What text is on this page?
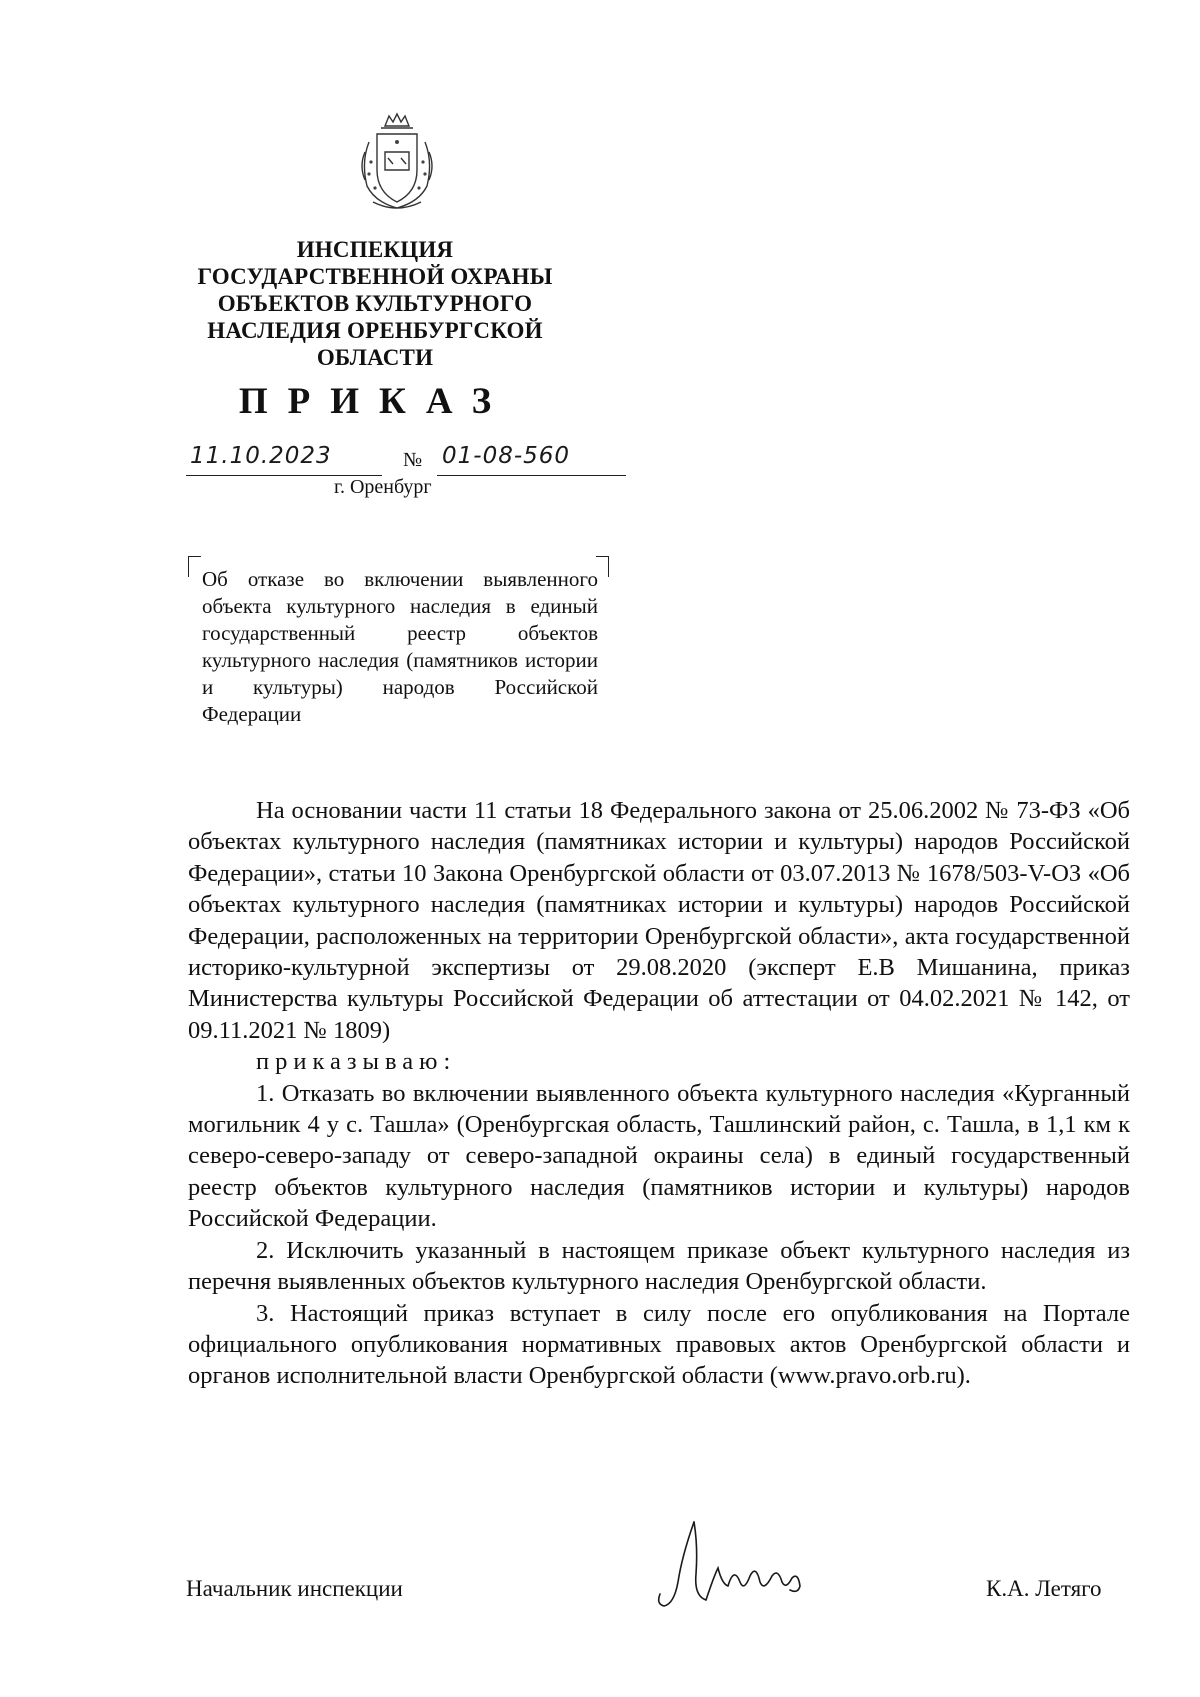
ИНСПЕКЦИЯ
ГОСУДАРСТВЕННОЙ ОХРАНЫ
ОБЪЕКТОВ КУЛЬТУРНОГО
НАСЛЕДИЯ ОРЕНБУРГСКОЙ
ОБЛАСТИ
ПРИКАЗ
11.10.2023	№ 01-08-560
г. Оренбург
Об отказе во включении выявленного объекта культурного наследия в единый государственный реестр объектов культурного наследия (памятников истории и культуры) народов Российской Федерации

На основании части 11 статьи 18 Федерального закона от 25.06.2002 № 73-ФЗ «Об объектах культурного наследия (памятниках истории и культуры) народов Российской Федерации», статьи 10 Закона Оренбургской области от 03.07.2013 № 1678/503-V-ОЗ «Об объектах культурного наследия (памятниках истории и культуры) народов Российской Федерации, расположенных на территории Оренбургской области», акта государственной историко-культурной экспертизы от 29.08.2020 (эксперт Е.В Мишанина, приказ Министерства культуры Российской Федерации об аттестации от 04.02.2021 № 142, от 09.11.2021 № 1809)

приказываю:

1. Отказать во включении выявленного объекта культурного наследия «Курганный могильник 4 у с. Ташла» (Оренбургская область, Ташлинский район, с. Ташла, в 1,1 км к северо-северо-западу от северо-западной окраины села) в единый государственный реестр объектов культурного наследия (памятников истории и культуры) народов Российской Федерации.

2. Исключить указанный в настоящем приказе объект культурного наследия из перечня выявленных объектов культурного наследия Оренбургской области.

3. Настоящий приказ вступает в силу после его опубликования на Портале официального опубликования нормативных правовых актов Оренбургской области и органов исполнительной власти Оренбургской области (www.pravo.orb.ru).

Начальник инспекции	К.А. Летяго
